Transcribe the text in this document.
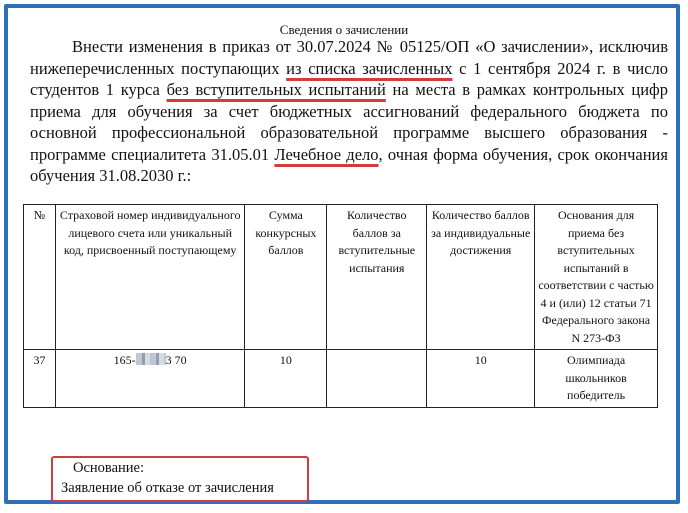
Сведения о зачислении
Внести изменения в приказ от 30.07.2024 № 05125/ОП «О зачислении», исключив нижеперечисленных поступающих из списка зачисленных с 1 сентября 2024 г. в число студентов 1 курса без вступительных испытаний на места в рамках контрольных цифр приема для обучения за счет бюджетных ассигнований федерального бюджета по основной профессиональной образовательной программе высшего образования - программе специалитета 31.05.01 Лечебное дело, очная форма обучения, срок окончания обучения 31.08.2030 г.:
№	Страховой номер индивидуального лицевого счета или уникальный код, присвоенный поступающему	Сумма конкурсных баллов	Количество баллов за вступительные испытания	Количество баллов за индивидуальные достижения	Основания для приема без вступительных испытаний в соответствии с частью 4 и (или) 12 статьи 71 Федерального закона N 273-ФЗ
37	165- 3 70	10		10	Олимпиада школьников победитель
Основание:
Заявление об отказе от зачисления
